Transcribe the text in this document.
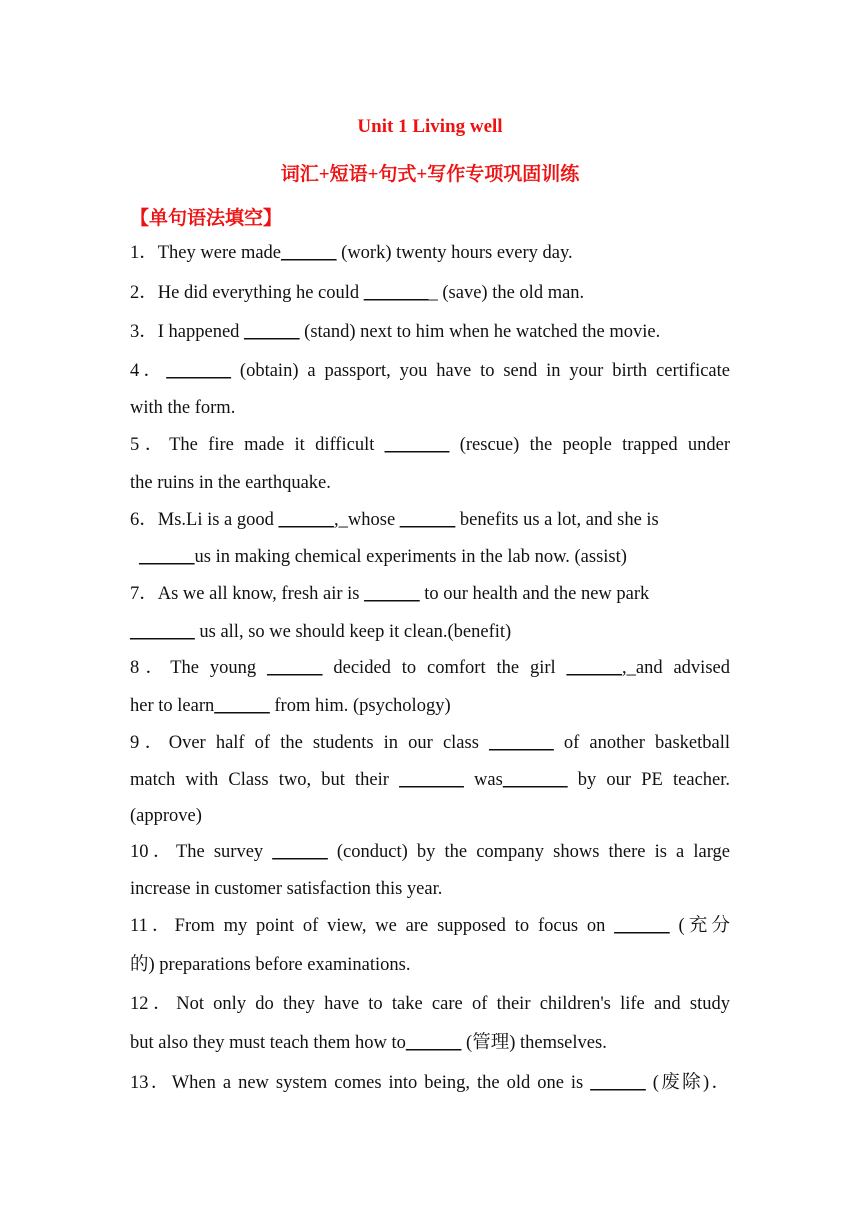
Unit 1 Living well
词汇+短语+句式+写作专项巩固训练
【单句语法填空】
1．They were made______ (work) twenty hours every day.
2．He did everything he could ________ (save) the old man.
3．I happened ______ (stand) next to him when he watched the movie.
4．_______ (obtain) a passport, you have to send in your birth certificate
with the form.
5．The fire made it difficult _______ (rescue) the people trapped under
the ruins in the earthquake.
6．Ms.Li is a good ______,_whose ______ benefits us a lot, and she is
______us in making chemical experiments in the lab now. (assist)
7．As we all know, fresh air is ______ to our health and the new park
_______ us all, so we should keep it clean.(benefit)
8．The young ______ decided to comfort the girl ______,_and advised
her to learn______ from him. (psychology)
9．Over half of the students in our class _______ of another basketball
match with Class two, but their _______ was_______ by our PE teacher.
(approve)
10．The survey ______ (conduct) by the company shows there is a large
increase in customer satisfaction this year.
11．From my point of view, we are supposed to focus on ______ (充分
的) preparations before examinations.
12．Not only do they have to take care of their children's life and study
but also they must teach them how to______ (管理) themselves.
13．When a new system comes into being, the old one is ______ (废除)．
